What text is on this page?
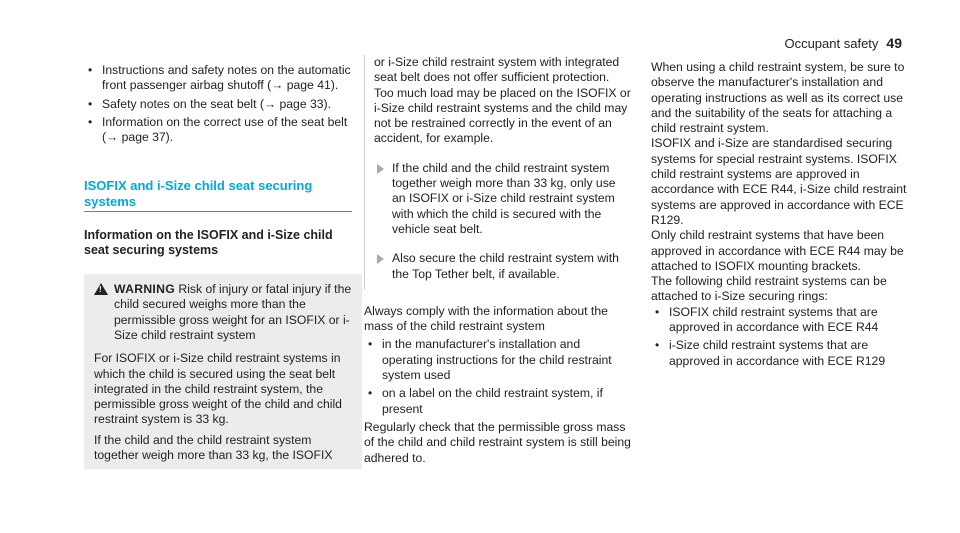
Occupant safety 49
• Instructions and safety notes on the automatic front passenger airbag shutoff (→ page 41).
• Safety notes on the seat belt (→ page 33).
• Information on the correct use of the seat belt (→ page 37).
ISOFIX and i-Size child seat securing systems
Information on the ISOFIX and i-Size child seat securing systems
! WARNING Risk of injury or fatal injury if the child secured weighs more than the permissible gross weight for an ISOFIX or i-Size child restraint system

For ISOFIX or i-Size child restraint systems in which the child is secured using the seat belt integrated in the child restraint system, the permissible gross weight of the child and child restraint system is 33 kg.

If the child and the child restraint system together weigh more than 33 kg, the ISOFIX

or i-Size child restraint system with integrated seat belt does not offer sufficient protection. Too much load may be placed on the ISOFIX or i-Size child restraint systems and the child may not be restrained correctly in the event of an accident, for example.

If the child and the child restraint system together weigh more than 33 kg, only use an ISOFIX or i-Size child restraint system with which the child is secured with the vehicle seat belt.
Also secure the child restraint system with the Top Tether belt, if available.

Always comply with the information about the mass of the child restraint system

• in the manufacturer's installation and operating instructions for the child restraint system used
• on a label on the child restraint system, if present

Regularly check that the permissible gross mass of the child and child restraint system is still being adhered to.

When using a child restraint system, be sure to observe the manufacturer's installation and operating instructions as well as its correct use and the suitability of the seats for attaching a child restraint system.

ISOFIX and i-Size are standardised securing systems for special restraint systems. ISOFIX child restraint systems are approved in accordance with ECE R44, i-Size child restraint systems are approved in accordance with ECE R129.

Only child restraint systems that have been approved in accordance with ECE R44 may be attached to ISOFIX mounting brackets.

The following child restraint systems can be attached to i-Size securing rings:

• ISOFIX child restraint systems that are approved in accordance with ECE R44
• i-Size child restraint systems that are approved in accordance with ECE R129
